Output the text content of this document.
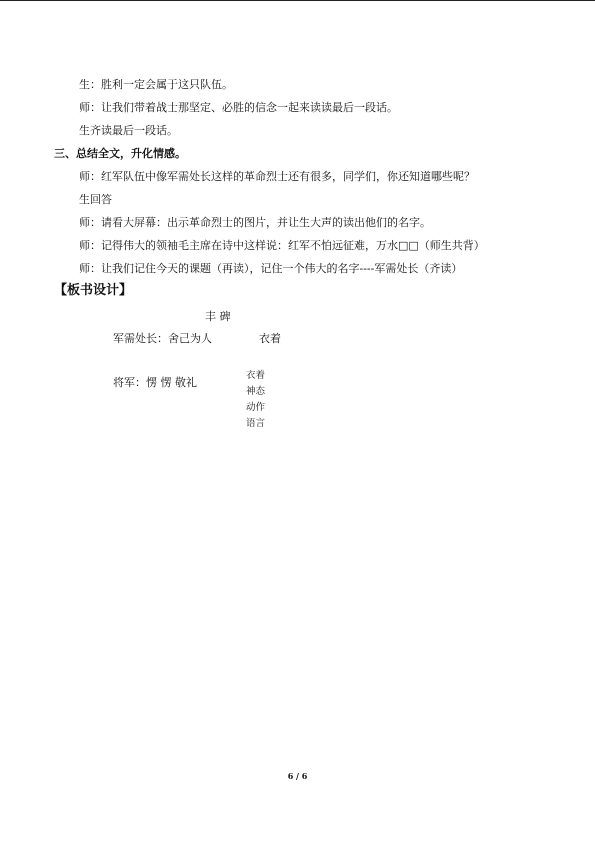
生：胜利一定会属于这只队伍。
师：让我们带着战士那坚定、必胜的信念一起来读读最后一段话。
生齐读最后一段话。
三、总结全文，升化情感。
师：红军队伍中像军需处长这样的革命烈士还有很多，同学们，你还知道哪些呢？
生回答
师：请看大屏幕：出示革命烈士的图片，并让生大声的读出他们的名字。
师：记得伟大的领袖毛主席在诗中这样说：红军不怕远征难，万水□□（师生共背）
师：让我们记住今天的课题（再读），记住一个伟大的名字----军需处长（齐读）
【板书设计】
丰 碑
军需处长：舍己为人	衣着
将军：愣 愣 敬礼
衣着
神态
动作
语言
6 / 6
